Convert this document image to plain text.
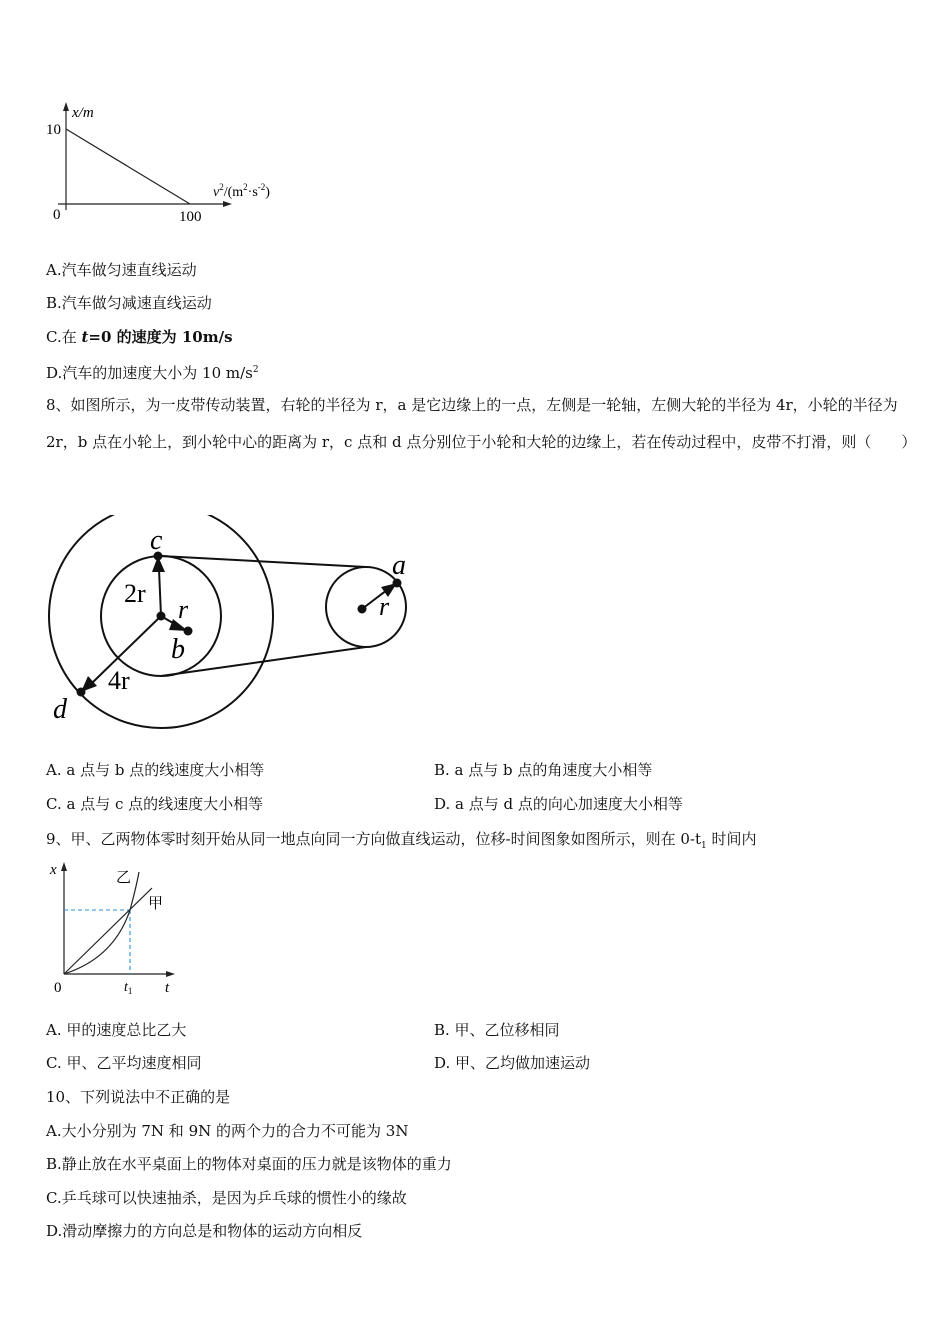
x/m
10
0	100
$v^2/(m^2\cdot s^{-2})$
A.汽车做匀速直线运动
B.汽车做匀减速直线运动
C.在 t=0 的速度为 10m/s
D.汽车的加速度大小为 10 $m/s^2$
8、如图所示，为一皮带传动装置，右轮的半径为 r，a 是它边缘上的一点，左侧是一轮轴，左侧大轮的半径为 4r，小轮的半径为 2r，b 点在小轮上，到小轮中心的距离为 r，c 点和 d 点分别位于小轮和大轮的边缘上，若在传动过程中，皮带不打滑，则（　　）
c
2r
r
b
4r
d
a
r
A. a 点与 b 点的线速度大小相等	B. a 点与 b 点的角速度大小相等
C. a 点与 c 点的线速度大小相等	D. a 点与 d 点的向心加速度大小相等
9、甲、乙两物体零时刻开始从同一地点向同一方向做直线运动，位移-时间图象如图所示，则在 $0-t_1$ 时间内
x	乙
甲
0	$t_1$ t
A. 甲的速度总比乙大	B. 甲、乙位移相同
C. 甲、乙平均速度相同	D. 甲、乙均做加速运动
10、下列说法中不正确的是
A.大小分别为 7N 和 9N 的两个力的合力不可能为 3N
B.静止放在水平桌面上的物体对桌面的压力就是该物体的重力
C.乒乓球可以快速抽杀，是因为乒乓球的惯性小的缘故
D.滑动摩擦力的方向总是和物体的运动方向相反
